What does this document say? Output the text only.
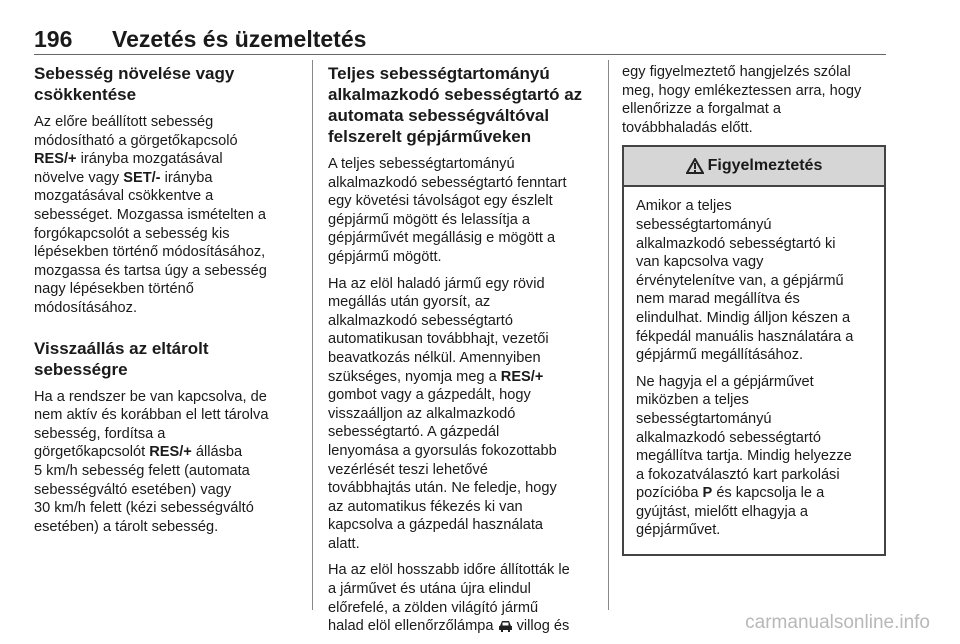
196 Vezetés és üzemeltetés
Sebesség növelése vagy csökkentése

Az előre beállított sebesség
módosítható a görgetőkapcsoló
RES/+ irányba mozgatásával
növelve vagy SET/- irányba
mozgatásával csökkentve a
sebességet. Mozgassa ismételten a
forgókapcsolót a sebesség kis
lépésekben történő módosításához,
mozgassa és tartsa úgy a sebesség
nagy lépésekben történő
módosításához.

Visszaállás az eltárolt sebességre

Ha a rendszer be van kapcsolva, de
nem aktív és korábban el lett tárolva
sebesség, fordítsa a
görgetőkapcsolót RES/+ állásba
5 km/h sebesség felett (automata
sebességváltó esetében) vagy
30 km/h felett (kézi sebességváltó
esetében) a tárolt sebesség.

Teljes sebességtartományú alkalmazkodó sebességtartó az automata sebességváltóval felszerelt gépjárműveken

A teljes sebességtartományú
alkalmazkodó sebességtartó fenntart
egy követési távolságot egy észlelt
gépjármű mögött és lelassítja a
gépjárművét megállásig e mögött a
gépjármű mögött.

Ha az elöl haladó jármű egy rövid
megállás után gyorsít, az
alkalmazkodó sebességtartó
automatikusan továbbhajt, vezetői
beavatkozás nélkül. Amennyiben
szükséges, nyomja meg a RES/+
gombot vagy a gázpedált, hogy
visszaálljon az alkalmazkodó
sebességtartó. A gázpedál
lenyomása a gyorsulás fokozottabb
vezérlését teszi lehetővé
továbbhajtás után. Ne feledje, hogy
az automatikus fékezés ki van
kapcsolva a gázpedál használata
alatt.

Ha az elöl hosszabb időre állították le
a járművet és utána újra elindul
előrefelé, a zölden világító jármű
halad elöl ellenőrzőlámpa  villog és

egy figyelmeztető hangjelzés szólal
meg, hogy emlékeztessen arra, hogy
ellenőrizze a forgalmat a
továbbhaladás előtt.

Figyelmeztetés

Amikor a teljes
sebességtartományú
alkalmazkodó sebességtartó ki
van kapcsolva vagy
érvénytelenítve van, a gépjármű
nem marad megállítva és
elindulhat. Mindig álljon készen a
fékpedál manuális használatára a
gépjármű megállításához.

Ne hagyja el a gépjárművet
miközben a teljes
sebességtartományú
alkalmazkodó sebességtartó
megállítva tartja. Mindig helyezze
a fokozatválasztó kart parkolási
pozícióba P és kapcsolja le a
gyújtást, mielőtt elhagyja a
gépjárművet.

carmanualsonline.info
